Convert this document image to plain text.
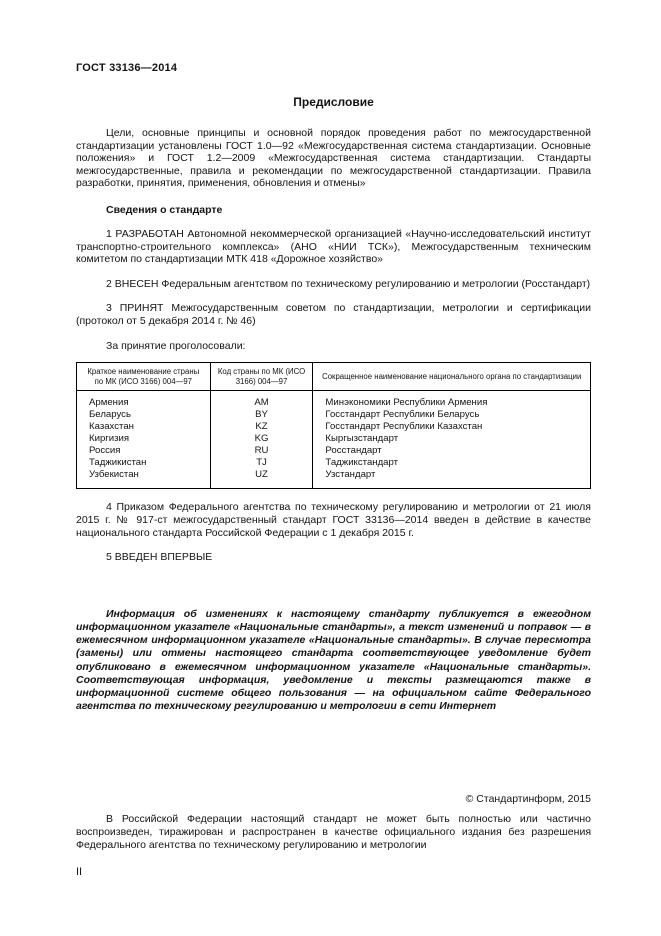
ГОСТ 33136—2014
Предисловие

Цели, основные принципы и основной порядок проведения работ по межгосударственной стандартизации установлены ГОСТ 1.0—92 «Межгосударственная система стандартизации. Основные положения» и ГОСТ 1.2—2009 «Межгосударственная система стандартизации. Стандарты межгосударственные, правила и рекомендации по межгосударственной стандартизации. Правила разработки, принятия, применения, обновления и отмены»

Сведения о стандарте

1 РАЗРАБОТАН Автономной некоммерческой организацией «Научно-исследовательский институт транспортно-строительного комплекса» (АНО «НИИ ТСК»), Межгосударственным техническим комитетом по стандартизации МТК 418 «Дорожное хозяйство»

2 ВНЕСЕН Федеральным агентством по техническому регулированию и метрологии (Росстандарт)

3 ПРИНЯТ Межгосударственным советом по стандартизации, метрологии и сертификации (протокол от 5 декабря 2014 г. № 46)

За принятие проголосовали:

Краткое наименование страны по МК (ИСО 3166) 004—97	Код страны по МК (ИСО 3166) 004—97	Сокращенное наименование национального органа по стандартизации
Армения	AM	Минэкономики Республики Армения
Беларусь	BY	Госстандарт Республики Беларусь
Казахстан	KZ	Госстандарт Республики Казахстан
Киргизия	KG	Кыргызстандарт
Россия	RU	Росстандарт
Таджикистан	TJ	Таджикстандарт
Узбекистан	UZ	Узстандарт

4 Приказом Федерального агентства по техническому регулированию и метрологии от 21 июля 2015 г. № 917-ст межгосударственный стандарт ГОСТ 33136—2014 введен в действие в качестве национального стандарта Российской Федерации с 1 декабря 2015 г.

5 ВВЕДЕН ВПЕРВЫЕ

Информация об изменениях к настоящему стандарту публикуется в ежегодном информационном указателе «Национальные стандарты», а текст изменений и поправок — в ежемесячном информационном указателе «Национальные стандарты». В случае пересмотра (замены) или отмены настоящего стандарта соответствующее уведомление будет опубликовано в ежемесячном информационном указателе «Национальные стандарты». Соответствующая информация, уведомление и тексты размещаются также в информационной системе общего пользования — на официальном сайте Федерального агентства по техническому регулированию и метрологии в сети Интернет

© Стандартинформ, 2015

В Российской Федерации настоящий стандарт не может быть полностью или частично воспроизведен, тиражирован и распространен в качестве официального издания без разрешения Федерального агентства по техническому регулированию и метрологии

II
